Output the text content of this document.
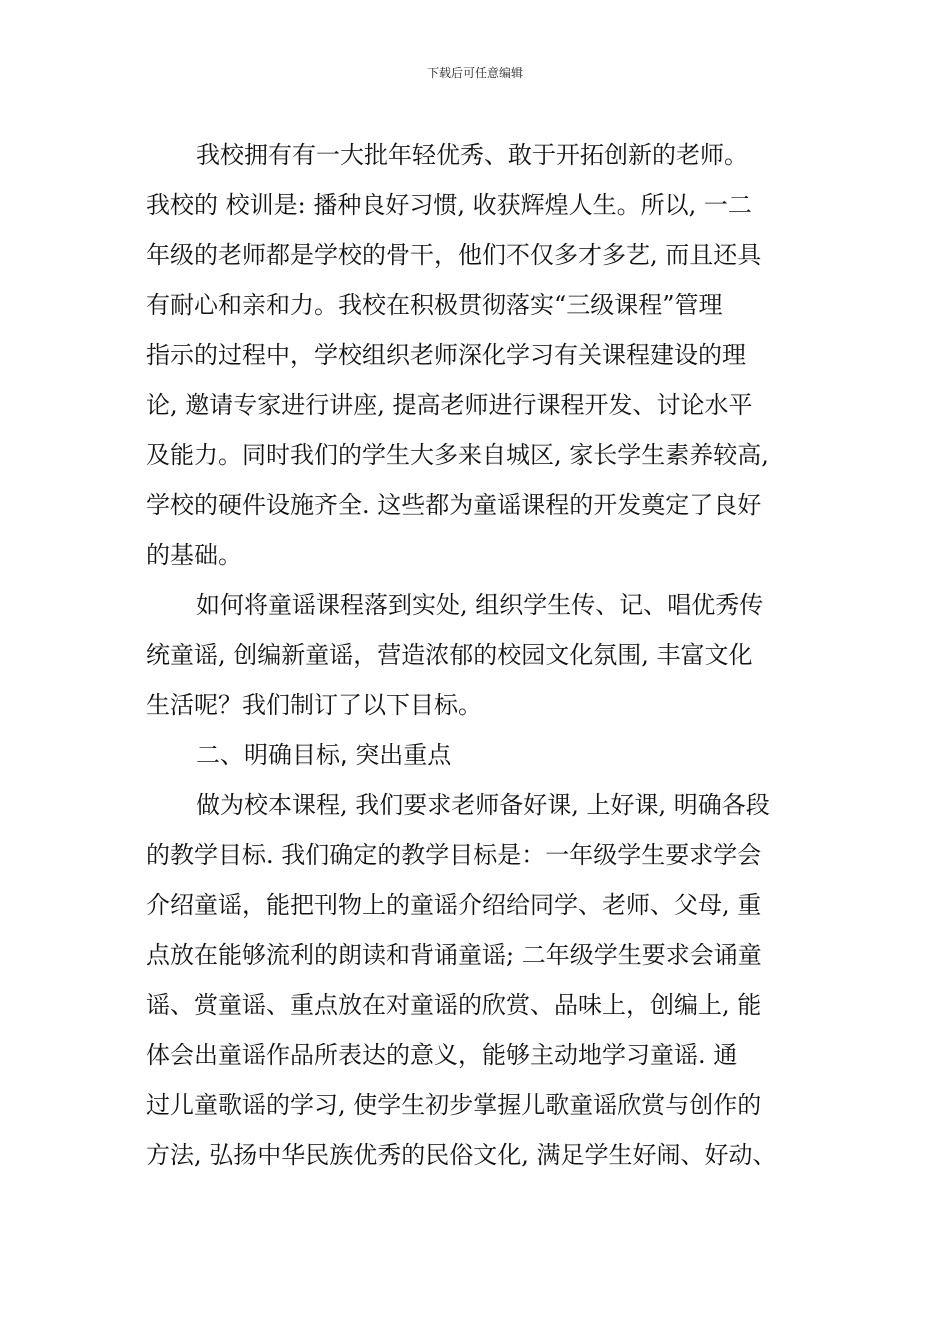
下载后可任意编辑
我校拥有有一大批年轻优秀、敢于开拓创新的老师。
我校的 校训是: 播种良好习惯, 收获辉煌人生。所以, 一二
年级的老师都是学校的骨干，他们不仅多才多艺, 而且还具
有耐心和亲和力。我校在积极贯彻落实“三级课程”管理
指示的过程中，学校组织老师深化学习有关课程建设的理
论, 邀请专家进行讲座, 提高老师进行课程开发、讨论水平
及能力。同时我们的学生大多来自城区, 家长学生素养较高,
学校的硬件设施齐全. 这些都为童谣课程的开发奠定了良好
的基础。
如何将童谣课程落到实处, 组织学生传、记、唱优秀传
统童谣, 创编新童谣，营造浓郁的校园文化氛围, 丰富文化
生活呢？我们制订了以下目标。
二、明确目标, 突出重点
做为校本课程, 我们要求老师备好课, 上好课, 明确各段
的教学目标. 我们确定的教学目标是：一年级学生要求学会
介绍童谣，能把刊物上的童谣介绍给同学、老师、父母, 重
点放在能够流利的朗读和背诵童谣; 二年级学生要求会诵童
谣、赏童谣、重点放在对童谣的欣赏、品味上，创编上, 能
体会出童谣作品所表达的意义，能够主动地学习童谣. 通
过儿童歌谣的学习, 使学生初步掌握儿歌童谣欣赏与创作的
方法, 弘扬中华民族优秀的民俗文化, 满足学生好闹、好动、
